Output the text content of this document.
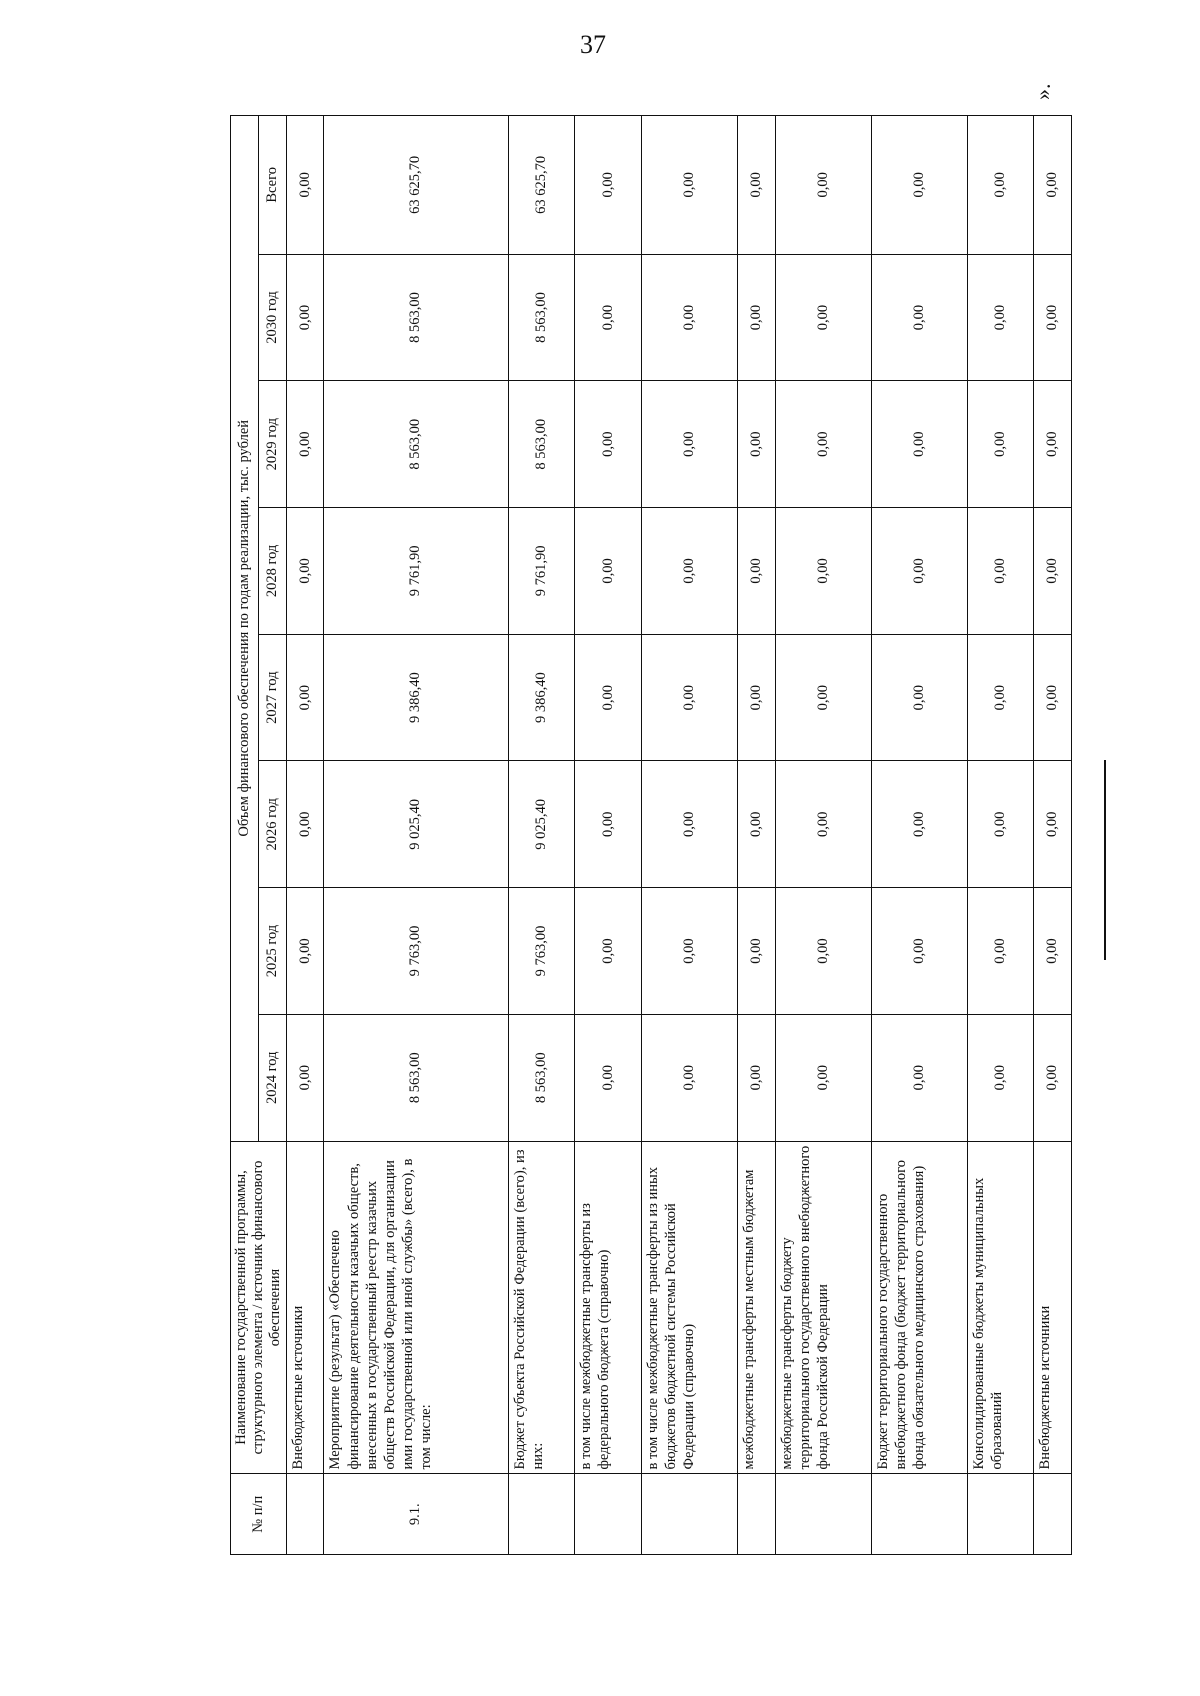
37
».
№ п/п	Наименование государственной программы, структурного элемента / источник финансового обеспечения	Объем финансового обеспечения по годам реализации, тыс. рублей							
		2024 год	2025 год	2026 год	2027 год	2028 год	2029 год	2030 год	Всего
	Внебюджетные источники	0,00	0,00	0,00	0,00	0,00	0,00	0,00	0,00
9.1.	Мероприятие (результат) «Обеспечено финансирование деятельности казачьих обществ, внесенных в государственный реестр казачьих обществ Российской Федерации, для организации ими государственной или иной службы» (всего), в том числе:	8 563,00	9 763,00	9 025,40	9 386,40	9 761,90	8 563,00	8 563,00	63 625,70
	Бюджет субъекта Российской Федерации (всего), из них:	8 563,00	9 763,00	9 025,40	9 386,40	9 761,90	8 563,00	8 563,00	63 625,70
	в том числе межбюджетные трансферты из федерального бюджета (справочно)	0,00	0,00	0,00	0,00	0,00	0,00	0,00	0,00
	в том числе межбюджетные трансферты из иных бюджетов бюджетной системы Российской Федерации (справочно)	0,00	0,00	0,00	0,00	0,00	0,00	0,00	0,00
	межбюджетные трансферты местным бюджетам	0,00	0,00	0,00	0,00	0,00	0,00	0,00	0,00
	межбюджетные трансферты бюджету территориального государственного внебюджетного фонда Российской Федерации	0,00	0,00	0,00	0,00	0,00	0,00	0,00	0,00
	Бюджет территориального государственного внебюджетного фонда (бюджет территориального фонда обязательного медицинского страхования)	0,00	0,00	0,00	0,00	0,00	0,00	0,00	0,00
	Консолидированные бюджеты муниципальных образований	0,00	0,00	0,00	0,00	0,00	0,00	0,00	0,00
	Внебюджетные источники	0,00	0,00	0,00	0,00	0,00	0,00	0,00	0,00
